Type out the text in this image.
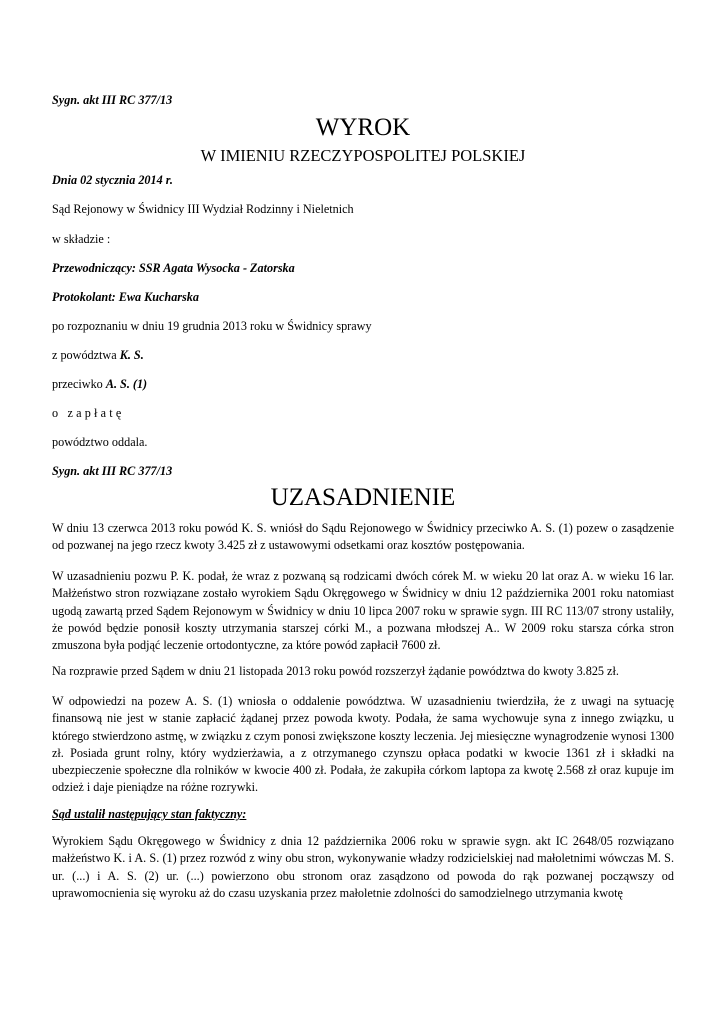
Sygn. akt III RC 377/13
WYROK
W IMIENIU RZECZYPOSPOLITEJ POLSKIEJ
Dnia 02 stycznia 2014 r.
Sąd Rejonowy w Świdnicy III Wydział Rodzinny i Nieletnich
w składzie :
Przewodniczący: SSR Agata Wysocka - Zatorska
Protokolant: Ewa Kucharska
po rozpoznaniu w dniu 19 grudnia 2013 roku w Świdnicy sprawy
z powództwa K. S.
przeciwko A. S. (1)
o zapłatę
powództwo oddala.
Sygn. akt III RC 377/13
UZASADNIENIE

W dniu 13 czerwca 2013 roku powód K. S. wniósł do Sądu Rejonowego w Świdnicy przeciwko A. S. (1) pozew o zasądzenie od pozwanej na jego rzecz kwoty 3.425 zł z ustawowymi odsetkami oraz kosztów postępowania.

W uzasadnieniu pozwu P. K. podał, że wraz z pozwaną są rodzicami dwóch córek M. w wieku 20 lat oraz A. w wieku 16 lar. Małżeństwo stron rozwiązane zostało wyrokiem Sądu Okręgowego w Świdnicy w dniu 12 października 2001 roku natomiast ugodą zawartą przed Sądem Rejonowym w Świdnicy w dniu 10 lipca 2007 roku w sprawie sygn. III RC 113/07 strony ustaliły, że powód będzie ponosił koszty utrzymania starszej córki M., a pozwana młodszej A.. W 2009 roku starsza córka stron zmuszona była podjąć leczenie ortodontyczne, za które powód zapłacił 7600 zł.

Na rozprawie przed Sądem w dniu 21 listopada 2013 roku powód rozszerzył żądanie powództwa do kwoty 3.825 zł.

W odpowiedzi na pozew A. S. (1) wniosła o oddalenie powództwa. W uzasadnieniu twierdziła, że z uwagi na sytuację finansową nie jest w stanie zapłacić żądanej przez powoda kwoty. Podała, że sama wychowuje syna z innego związku, u którego stwierdzono astmę, w związku z czym ponosi zwiększone koszty leczenia. Jej miesięczne wynagrodzenie wynosi 1300 zł. Posiada grunt rolny, który wydzierżawia, a z otrzymanego czynszu opłaca podatki w kwocie 1361 zł i składki na ubezpieczenie społeczne dla rolników w kwocie 400 zł. Podała, że zakupiła córkom laptopa za kwotę 2.568 zł oraz kupuje im odzież i daje pieniądze na różne rozrywki.

Sąd ustalił następujący stan faktyczny:

Wyrokiem Sądu Okręgowego w Świdnicy z dnia 12 października 2006 roku w sprawie sygn. akt IC 2648/05 rozwiązano małżeństwo K. i A. S. (1) przez rozwód z winy obu stron, wykonywanie władzy rodzicielskiej nad małoletnimi wówczas M. S. ur. (...) i A. S. (2) ur. (...) powierzono obu stronom oraz zasądzono od powoda do rąk pozwanej począwszy od uprawomocnienia się wyroku aż do czasu uzyskania przez małoletnie zdolności do samodzielnego utrzymania kwotę
